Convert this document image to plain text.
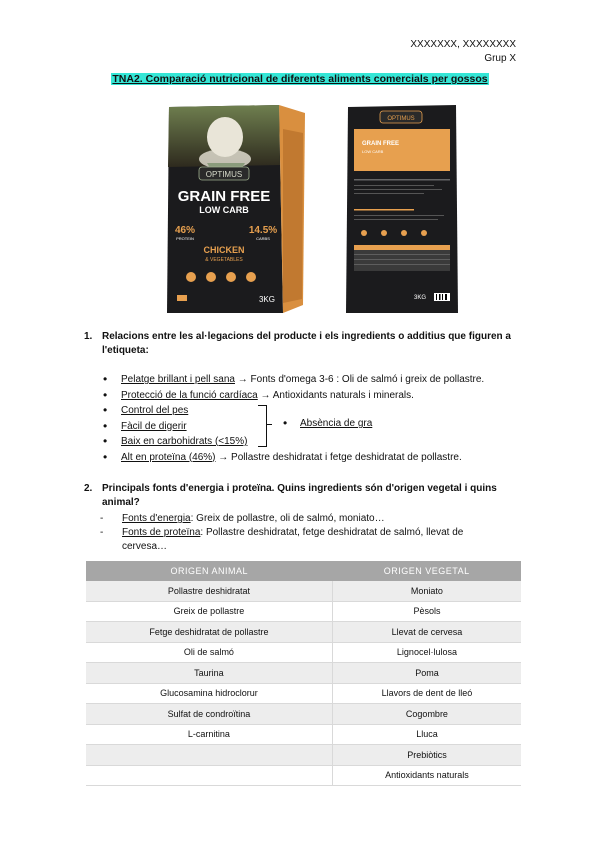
XXXXXXX, XXXXXXXX
Grup X
TNA2. Comparació nutricional de diferents aliments comercials per gossos
OPTIMUS
GRAIN FREE
LOW CARB
46%
PROTEIN
14.5%
CARBS
CHICKEN
& VEGETABLES
3KG
OPTIMUS
GRAIN FREE
LOW CARB
3KG
1. Relacions entre les al·legacions del producte i els ingredients o additius que figuren a l'etiqueta:
• Pelatge brillant i pell sana → Fonts d'omega 3-6 : Oli de salmó i greix de pollastre.
• Protecció de la funció cardíaca → Antioxidants naturals i minerals.
• Control del pes
• Fàcil de digerir
• Baix en carbohidrats (<15%)
• Alt en proteïna (46%) → Pollastre deshidratat i fetge deshidratat de pollastre.
• Absència de gra
2. Principals fonts d'energia i proteïna. Quins ingredients són d'origen vegetal i quins animal?
- Fonts d'energia: Greix de pollastre, oli de salmó, moniato…
- Fonts de proteïna: Pollastre deshidratat, fetge deshidratat de salmó, llevat de cervesa…
ORIGEN ANIMAL	ORIGEN VEGETAL
Pollastre deshidratat	Moniato
Greix de pollastre	Pèsols
Fetge deshidratat de pollastre	Llevat de cervesa
Oli de salmó	Lignocel·lulosa
Taurina	Poma
Glucosamina hidroclorur	Llavors de dent de lleó
Sulfat de condroïtina	Cogombre
L-carnitina	Lluca
	Prebiòtics
	Antioxidants naturals
